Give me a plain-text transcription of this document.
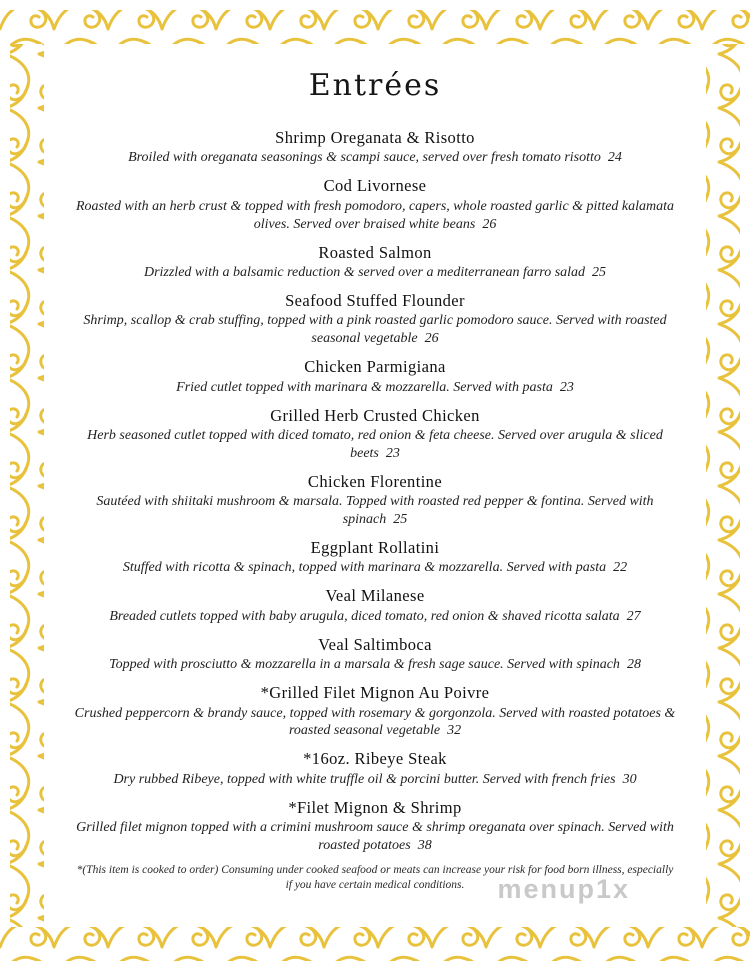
Entrées
Shrimp Oreganata & Risotto
Broiled with oreganata seasonings & scampi sauce, served over fresh tomato risotto 24
Cod Livornese
Roasted with an herb crust & topped with fresh pomodoro, capers, whole roasted garlic & pitted kalamata olives. Served over braised white beans 26
Roasted Salmon
Drizzled with a balsamic reduction & served over a mediterranean farro salad 25
Seafood Stuffed Flounder
Shrimp, scallop & crab stuffing, topped with a pink roasted garlic pomodoro sauce. Served with roasted seasonal vegetable 26
Chicken Parmigiana
Fried cutlet topped with marinara & mozzarella. Served with pasta 23
Grilled Herb Crusted Chicken
Herb seasoned cutlet topped with diced tomato, red onion & feta cheese. Served over arugula & sliced beets 23
Chicken Florentine
Sautéed with shiitaki mushroom & marsala. Topped with roasted red pepper & fontina. Served with spinach 25
Eggplant Rollatini
Stuffed with ricotta & spinach, topped with marinara & mozzarella. Served with pasta 22
Veal Milanese
Breaded cutlets topped with baby arugula, diced tomato, red onion & shaved ricotta salata 27
Veal Saltimboca
Topped with prosciutto & mozzarella in a marsala & fresh sage sauce. Served with spinach 28
*Grilled Filet Mignon Au Poivre
Crushed peppercorn & brandy sauce, topped with rosemary & gorgonzola. Served with roasted potatoes & roasted seasonal vegetable 32
*16oz. Ribeye Steak
Dry rubbed Ribeye, topped with white truffle oil & porcini butter. Served with french fries 30
*Filet Mignon & Shrimp
Grilled filet mignon topped with a crimini mushroom sauce & shrimp oreganata over spinach. Served with roasted potatoes 38
*(This item is cooked to order) Consuming under cooked seafood or meats can increase your risk for food born illness, especially if you have certain medical conditions.	menup1x
